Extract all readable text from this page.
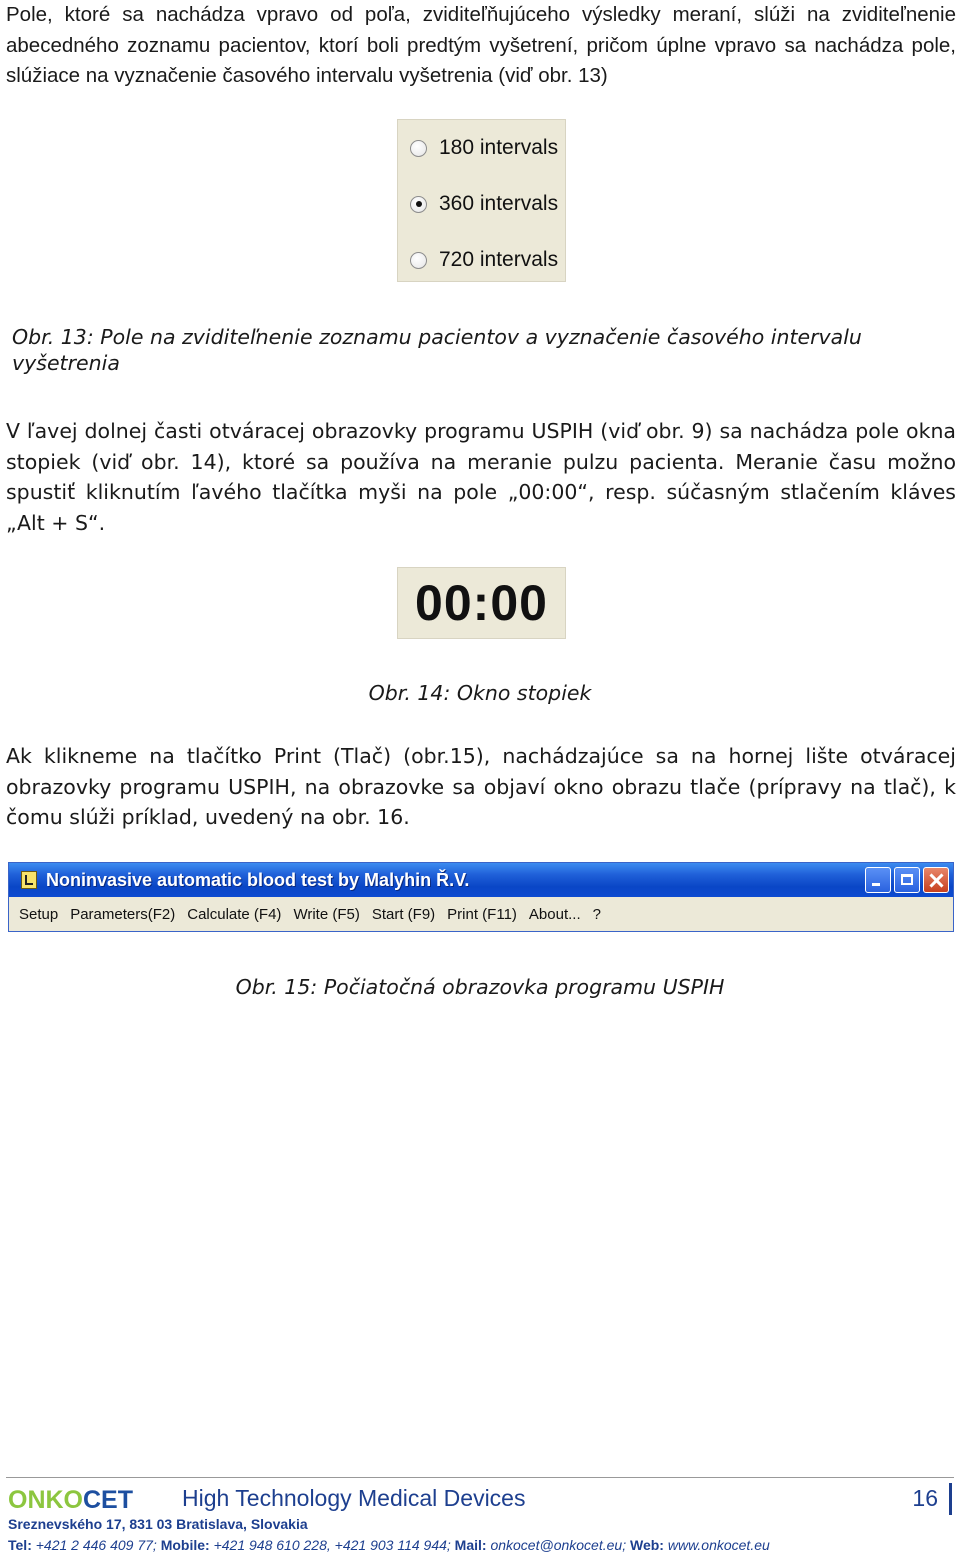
Pole, ktoré sa nachádza vpravo od poľa, zviditeľňujúceho výsledky meraní, slúži na zviditeľnenie abecedného zoznamu pacientov, ktorí boli predtým vyšetrení, pričom úplne vpravo sa nachádza pole, slúžiace na vyznačenie časového intervalu vyšetrenia (viď obr. 13)

180 intervals
360 intervals
720 intervals

Obr. 13: Pole na zviditeľnenie zoznamu pacientov a vyznačenie časového intervalu vyšetrenia

V ľavej dolnej časti otváracej obrazovky programu USPIH (viď obr. 9) sa nachádza pole okna stopiek (viď obr. 14), ktoré sa používa na meranie pulzu pacienta. Meranie času možno spustiť kliknutím ľavého tlačítka myši na pole „00:00“, resp. súčasným stlačením kláves „Alt + S“.

00:00

Obr. 14: Okno stopiek

Ak klikneme na tlačítko Print (Tlač) (obr.15), nachádzajúce sa na hornej lište otváracej obrazovky programu USPIH, na obrazovke sa objaví okno obrazu tlače (prípravy na tlač), k čomu slúži príklad, uvedený na obr. 16.

Noninvasive automatic blood test by Malyhin Ř.V.
Setup Parameters(F2) Calculate (F4) Write (F5) Start (F9) Print (F11) About... ?

Obr. 15: Počiatočná obrazovka programu USPIH

ONKO CET High Technology Medical Devices	16
Sreznevského 17, 831 03 Bratislava, Slovakia
Tel: +421 2 446 409 77; Mobile: +421 948 610 228, +421 903 114 944; Mail: onkocet@onkocet.eu; Web: www.onkocet.eu
